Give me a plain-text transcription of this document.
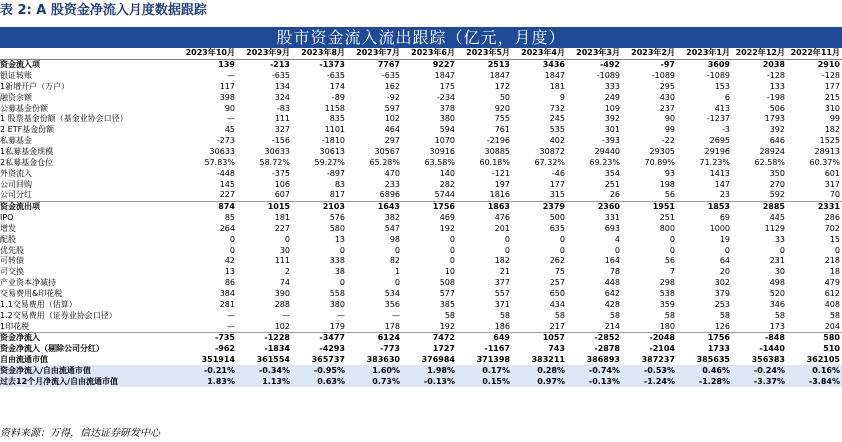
表 2: A 股资金净流入月度数据跟踪
股市资金流入流出跟踪（亿元，月度）
	2023年10月	2023年9月	2023年8月	2023年7月	2023年6月	2023年5月	2023年4月	2023年3月	2023年2月	2023年1月	2022年12月	2022年11月
资金流入项	139	-213	-1373	7767	9227	2513	3436	-492	-97	3609	2038	2910
银证转账	—	-635	-635	-635	1847	1847	1847	-1089	-1089	-1089	-128	-128
1新增开户（万户）	117	134	174	162	175	172	181	333	295	153	133	177
融资余额	398	324	-89	-92	-234	50	9	249	430	6	-198	215
公募基金份额	90	-83	1158	597	378	920	732	109	237	413	506	310
1 股票基金份额（基金业协会口径）	—	111	835	102	380	755	245	392	90	-1237	1793	99
2 ETF基金份额	45	327	1101	464	594	761	535	301	99	-3	392	182
私募基金	-273	-156	-1810	297	1070	-2196	402	-393	-22	2695	646	1525
1私募基金规模	30633	30633	30613	30567	30916	30885	30872	29440	29305	29196	28924	28913
2私募基金仓位	57.83%	58.72%	59.27%	65.28%	63.58%	60.18%	67.32%	69.23%	70.89%	71.23%	62.58%	60.37%
外资流入	-448	-375	-897	470	140	-121	-46	354	93	1413	350	601
公司回购	145	106	83	233	282	197	177	251	198	147	270	317
公司分红	227	607	817	6896	5744	1816	315	26	56	23	592	70
资金流出项	874	1015	2103	1643	1756	1863	2379	2360	1951	1853	2885	2331
IPO	85	181	576	382	469	476	500	331	251	69	445	286
增发	264	227	580	547	192	201	635	693	800	1000	1129	702
配股	0	0	13	98	0	0	0	4	0	19	33	15
优先股	0	30	0	0	0	0	0	0	0	0	0	0
可转债	42	111	338	82	0	182	262	164	56	64	231	218
可交换	13	2	38	1	10	21	75	78	7	20	30	18
产业资本净减持	86	74	0	0	508	377	257	448	298	302	498	479
交易费用&印花税	384	390	558	534	577	557	650	642	538	379	520	612
1.1交易费用（估算）	281	288	380	356	385	371	434	428	359	253	346	408
1.2交易费用（证券业协会口径）	—	—	—	—	58	58	58	58	58	58	58	58
1印花税	—	102	179	178	192	186	217	214	180	126	173	204
资金净流入	-735	-1228	-3477	6124	7472	649	1057	-2852	-2048	1756	-848	580
资金净流入（剔除公司分红）	-962	-1834	-4293	-773	1727	-1167	743	-2878	-2104	1733	-1440	510
自由流通市值	351914	361554	365737	383630	376984	371398	383211	386893	387237	385635	356383	362105
资金净流入/自由流通市值	-0.21%	-0.34%	-0.95%	1.60%	1.98%	0.17%	0.28%	-0.74%	-0.53%	0.46%	-0.24%	0.16%
过去12个月净流入/自由流通市值	1.83%	1.13%	0.63%	0.73%	-0.13%	0.15%	0.97%	-0.13%	-1.24%	-1.28%	-3.37%	-3.84%
资料来源：万得，信达证券研发中心
